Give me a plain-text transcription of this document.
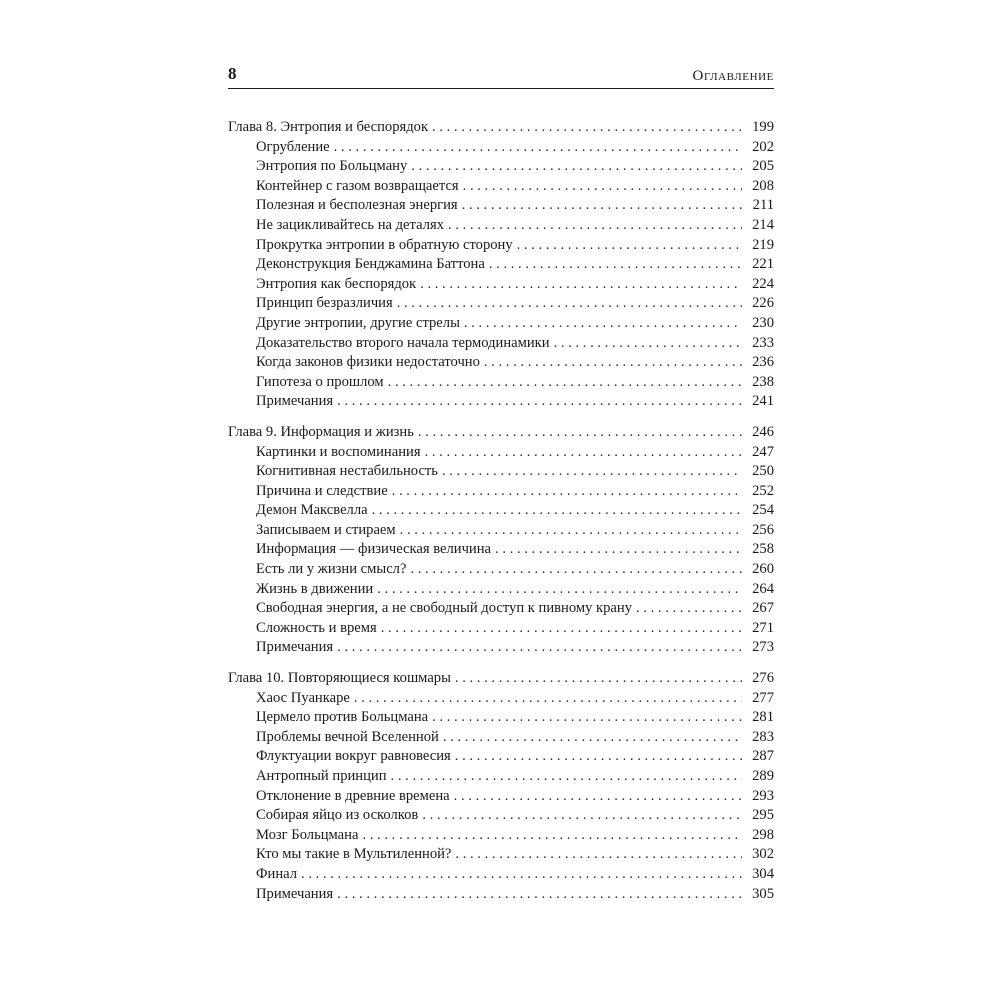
8	Оглавление
Глава 8. Энтропия и беспорядок . . .	199
Огрубление . . .	202
Энтропия по Больцману . . .	205
Контейнер с газом возвращается . . .	208
Полезная и бесполезная энергия . . .	211
Не зацикливайтесь на деталях . . .	214
Прокрутка энтропии в обратную сторону . . .	219
Деконструкция Бенджамина Баттона . . .	221
Энтропия как беспорядок . . .	224
Принцип безразличия . . .	226
Другие энтропии, другие стрелы . . .	230
Доказательство второго начала термодинамики . . .	233
Когда законов физики недостаточно . . .	236
Гипотеза о прошлом . . .	238
Примечания . . .	241
Глава 9. Информация и жизнь . . .	246
Картинки и воспоминания . . .	247
Когнитивная нестабильность . . .	250
Причина и следствие . . .	252
Демон Максвелла . . .	254
Записываем и стираем . . .	256
Информация — физическая величина . . .	258
Есть ли у жизни смысл? . . .	260
Жизнь в движении . . .	264
Свободная энергия, а не свободный доступ к пивному крану . . .	267
Сложность и время . . .	271
Примечания . . .	273
Глава 10. Повторяющиеся кошмары . . .	276
Хаос Пуанкаре . . .	277
Цермело против Больцмана . . .	281
Проблемы вечной Вселенной . . .	283
Флуктуации вокруг равновесия . . .	287
Антропный принцип . . .	289
Отклонение в древние времена . . .	293
Собирая яйцо из осколков . . .	295
Мозг Больцмана . . .	298
Кто мы такие в Мультиленной? . . .	302
Финал . . .	304
Примечания . . .	305
